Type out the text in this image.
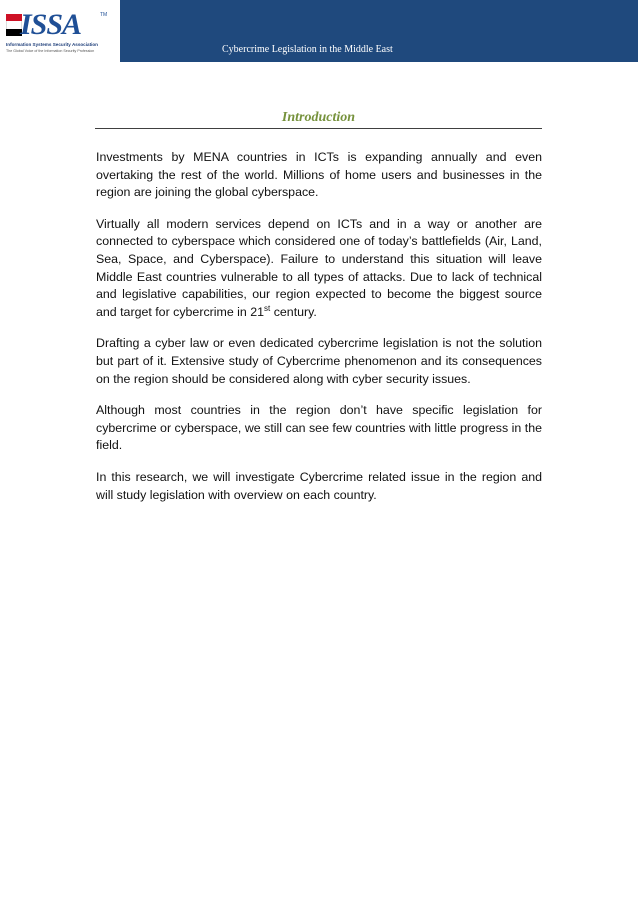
ISSA	TM
Information Systems Security Association
The Global Voice of the Information Security Profession	Cybercrime Legislation in the Middle East
Introduction

Investments by MENA countries in ICTs is expanding annually and even overtaking the rest of the world. Millions of home users and businesses in the region are joining the global cyberspace.

Virtually all modern services depend on ICTs and in a way or another are connected to cyberspace which considered one of today’s battlefields (Air, Land, Sea, Space, and Cyberspace). Failure to understand this situation will leave Middle East countries vulnerable to all types of attacks. Due to lack of technical and legislative capabilities, our region expected to become the biggest source and target for cybercrime in 21st century.

Drafting a cyber law or even dedicated cybercrime legislation is not the solution but part of it. Extensive study of Cybercrime phenomenon and its consequences on the region should be considered along with cyber security issues.

Although most countries in the region don’t have specific legislation for cybercrime or cyberspace, we still can see few countries with little progress in the field.

In this research, we will investigate Cybercrime related issue in the region and will study legislation with overview on each country.
